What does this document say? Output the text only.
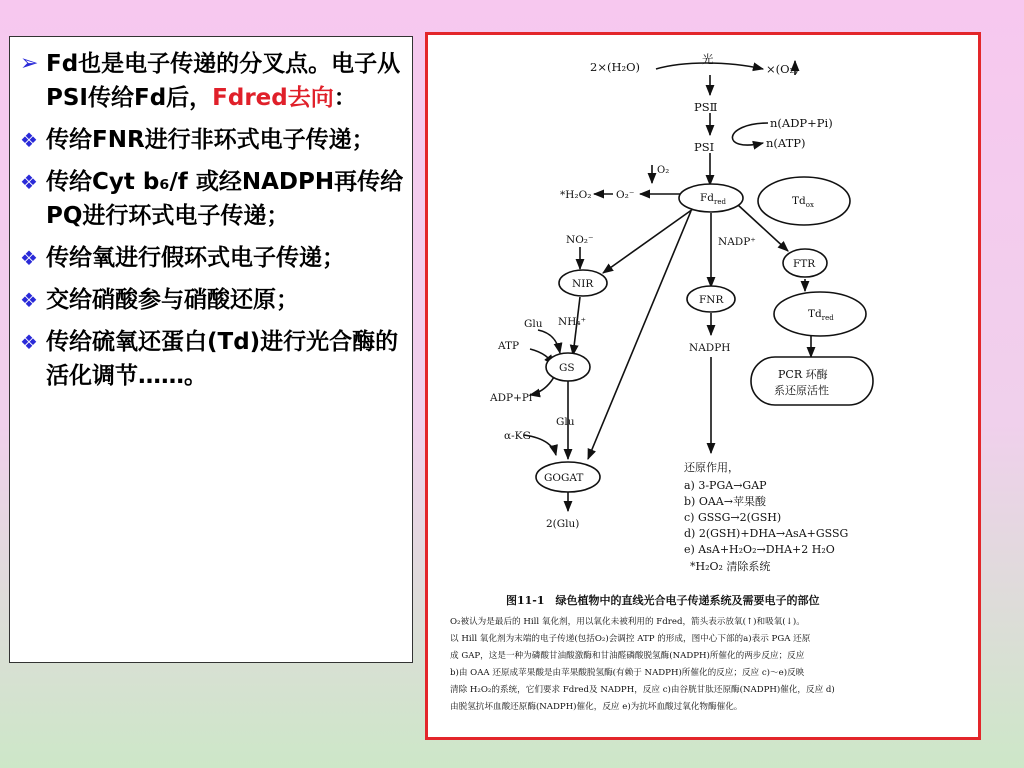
➢ Fd也是电子传递的分叉点。电子从PSⅠ传给Fd后，Fdred去向：
❖ 传给FNR进行非环式电子传递；
❖ 传给Cyt b₆/f 或经NADPH再传给PQ进行环式电子传递；
❖ 传给氧进行假环式电子传递；
❖ 交给硝酸参与硝酸还原；
❖ 传给硫氧还蛋白(Td)进行光合酶的活化调节……。
2×(H₂O)
光
×(O₂)
PSⅡ
n(ADP+Pi)
n(ATP)
PSⅠ
O₂
*H₂O₂ O₂⁻	$Fd_{red}$	$Td_{ox}$
NO₂⁻	NADP⁺
NIR
FTR
Glu NH₄⁺
FNR
$Td_{red}$
ATP
GS
NADPH
PCR 环酶
系还原活性
ADP+Pi
Glu
α-KG
GOGAT
2(Glu)
还原作用，
a) 3-PGA→GAP
b) OAA→苹果酸
c) GSSG→2(GSH)
d) 2(GSH)+DHA→AsA+GSSG
e) AsA+H₂O₂→DHA+2 H₂O
*H₂O₂ 清除系统
图11-1　绿色植物中的直线光合电子传递系统及需要电子的部位
O₂被认为是最后的 Hill 氧化剂，用以氧化未被利用的 Fdred，箭头表示放氧(↑)和吸氧(↓)。
以 Hill 氧化剂为末端的电子传递(包括O₂)会调控 ATP 的形成，图中心下部的a)表示 PGA 还原
成 GAP，这是一种为磷酸甘油酸激酶和甘油醛磷酸脱氢酶(NADPH)所催化的两步反应；反应
b)由 OAA 还原成苹果酸是由苹果酸脱氢酶(有赖于 NADPH)所催化的反应；反应 c)～e)反映
清除 H₂O₂的系统，它们要求 Fdred及 NADPH，反应 c)由谷胱甘肽还原酶(NADPH)催化，反应 d)
由脱氢抗坏血酸还原酶(NADPH)催化，反应 e)为抗坏血酸过氧化物酶催化。
